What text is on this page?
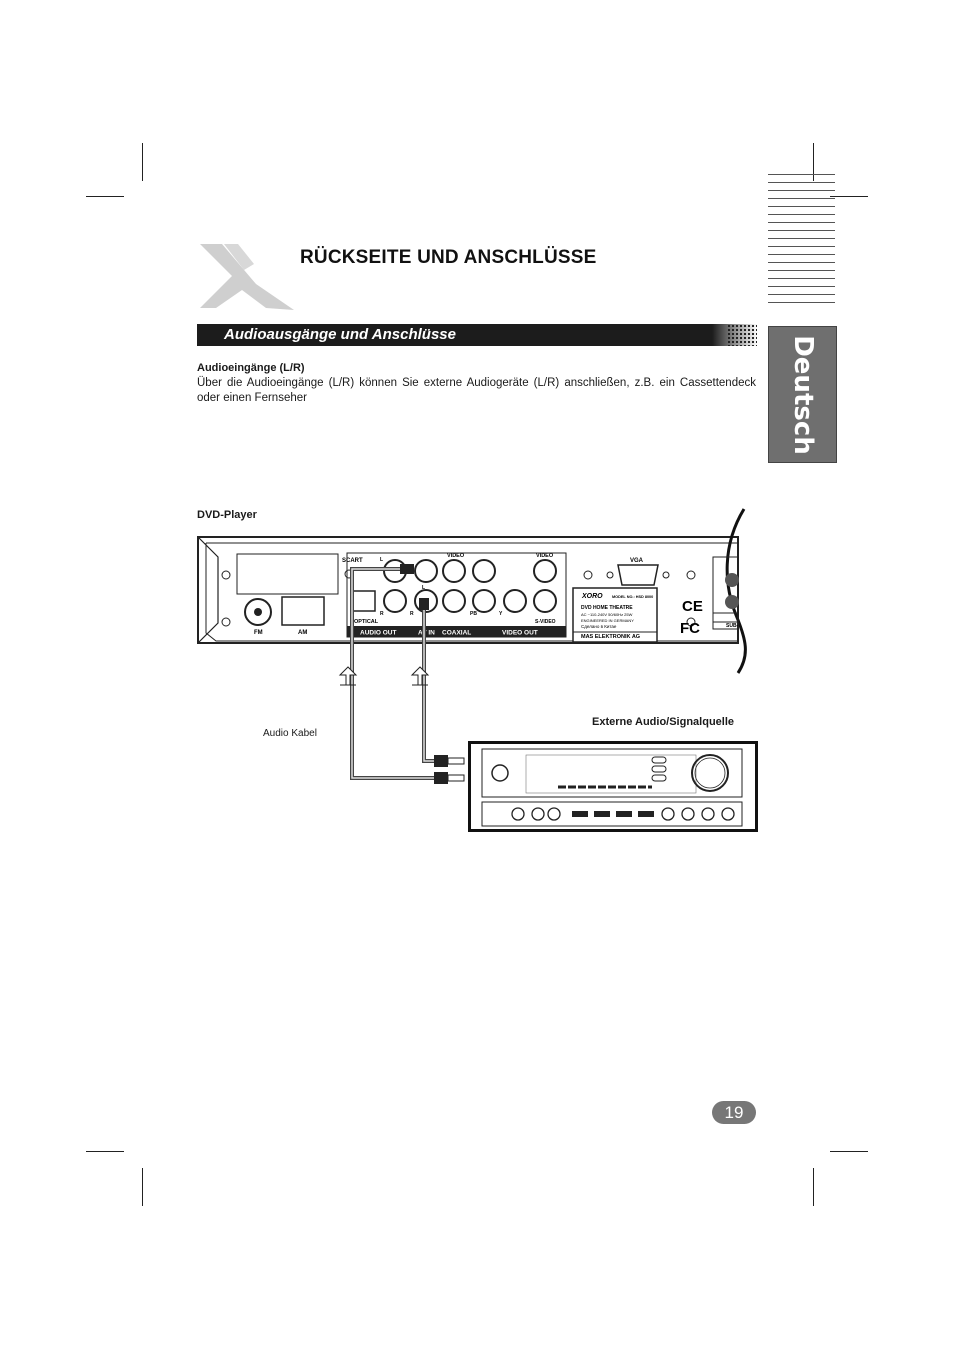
RÜCKSEITE UND ANSCHLÜSSE
Audioausgänge und Anschlüsse
Deutsch
Audioeingänge (L/R)
Über die Audioeingänge (L/R) können Sie externe Audiogeräte (L/R) anschließen, z.B. ein Cassettendeck oder einen Fernseher
DVD-Player
Externe Audio/Signalquelle
Audio Kabel
SCART
FM	AM	AUDIO OUT	AV IN COAXIAL	VIDEO OUT
VIDEO	VIDEO
OPTICAL
R
L
R
L
PB	Y
S-VIDEO
VGA
XORO MODEL NO.: HSD 8000
DVD HOME THEATRE
AC ~110-240V 50/60Hz 25W
ENGINEERED IN GERMANY
Сделано в Китае
MAS ELEKTRONIK AG
CE
FC	SUB-
19
